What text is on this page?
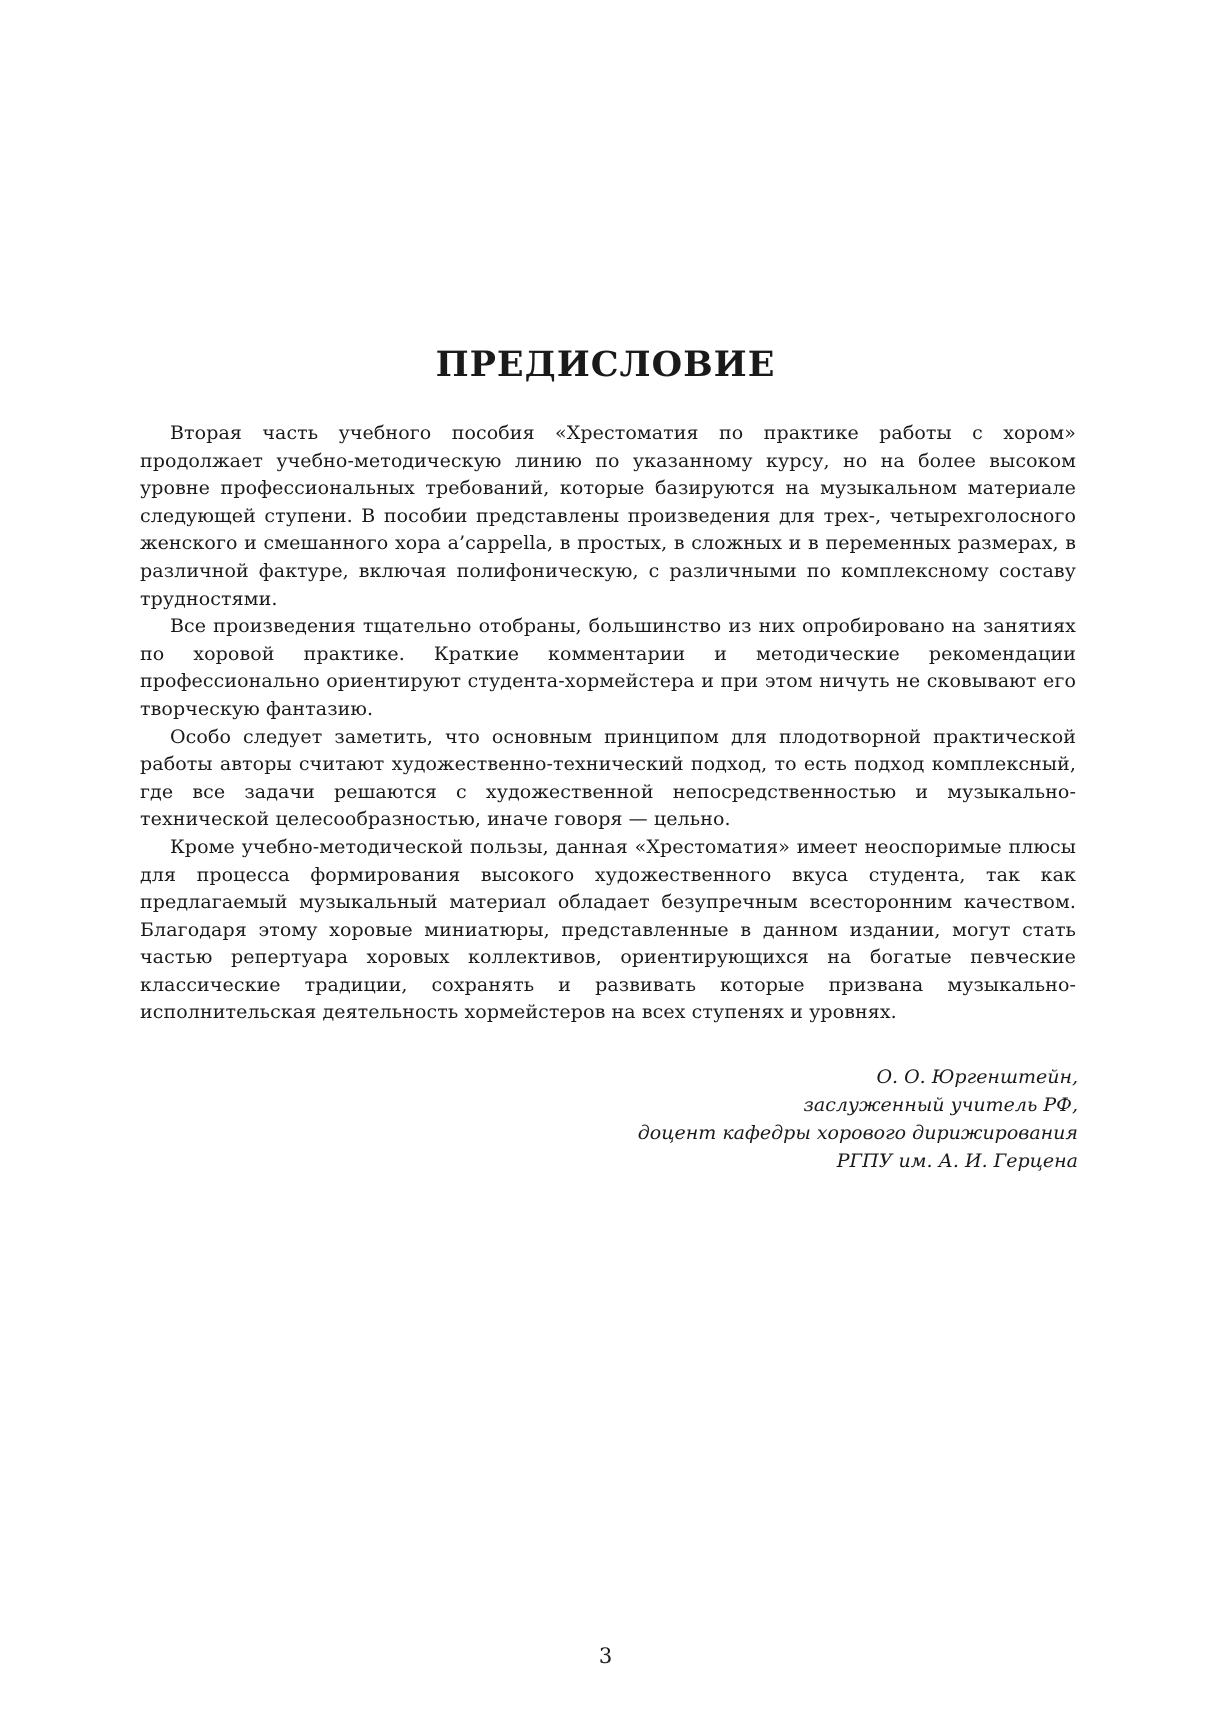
ПРЕДИСЛОВИЕ

Вторая часть учебного пособия «Хрестоматия по практике работы с хором» продолжает учебно-методическую линию по указанному курсу, но на более высоком уровне профессиональных требований, которые базируются на музыкальном материале следующей ступени. В пособии представлены произведения для трех-, четырехголосного женского и смешанного хора a’cappella, в простых, в сложных и в переменных размерах, в различной фактуре, включая полифоническую, с различными по комплексному составу трудностями.

Все произведения тщательно отобраны, большинство из них опробировано на занятиях по хоровой практике. Краткие комментарии и методические рекомендации профессионально ориентируют студента-хормейстера и при этом ничуть не сковывают его творческую фантазию.

Особо следует заметить, что основным принципом для плодотворной практической работы авторы считают художественно-технический подход, то есть подход комплексный, где все задачи решаются с художественной непосредственностью и музыкально-технической целесообразностью, иначе говоря — цельно.

Кроме учебно-методической пользы, данная «Хрестоматия» имеет неоспоримые плюсы для процесса формирования высокого художественного вкуса студента, так как предлагаемый музыкальный материал обладает безупречным всесторонним качеством. Благодаря этому хоровые миниатюры, представленные в данном издании, могут стать частью репертуара хоровых коллективов, ориентирующихся на богатые певческие классические традиции, сохранять и развивать которые призвана музыкально-исполнительская деятельность хормейстеров на всех ступенях и уровнях.

О. О. Юргенштейн,
заслуженный учитель РФ,
доцент кафедры хорового дирижирования
РГПУ им. А. И. Герцена
3
